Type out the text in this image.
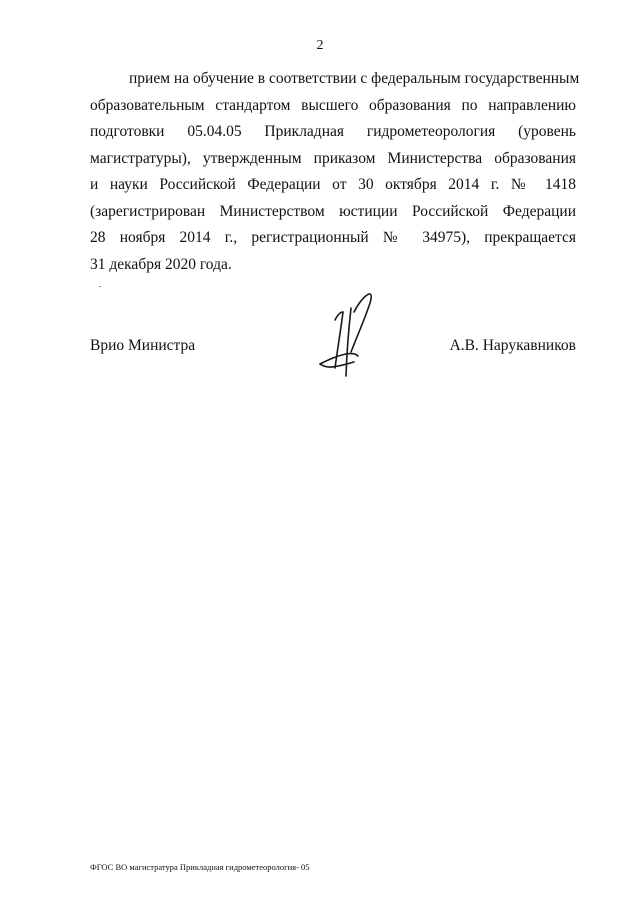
2
прием на обучение в соответствии с федеральным государственным
образовательным стандартом высшего образования по направлению
подготовки 05.04.05 Прикладная гидрометеорология (уровень
магистратуры), утвержденным приказом Министерства образования
и науки Российской Федерации от 30 октября 2014 г. № 1418
(зарегистрирован Министерством юстиции Российской Федерации
28 ноября 2014 г., регистрационный № 34975), прекращается
31 декабря 2020 года.
Врио Министра	А.В. Нарукавников
ФГОС ВО магистратура Прикладная гидрометеорология- 05
